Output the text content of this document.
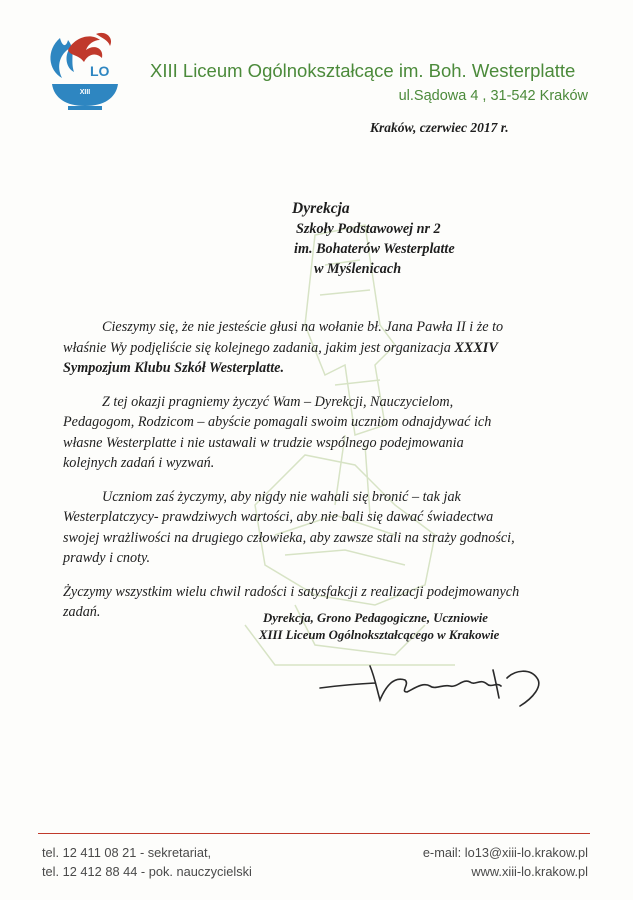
LO
XIII
XIII Liceum Ogólnokształcące im. Boh. Westerplatte
ul.Sądowa 4 , 31-542 Kraków
Kraków, czerwiec 2017 r.
Dyrekcja
Szkoły Podstawowej nr 2
im. Bohaterów Westerplatte
w Myślenicach

Cieszymy się, że nie jesteście głusi na wołanie bł. Jana Pawła II i że to
właśnie Wy podjęliście się kolejnego zadania, jakim jest organizacja XXXIV
Sympozjum Klubu Szkół Westerplatte.

Z tej okazji pragniemy życzyć Wam – Dyrekcji, Nauczycielom,
Pedagogom, Rodzicom – abyście pomagali swoim uczniom odnajdywać ich
własne Westerplatte i nie ustawali w trudzie wspólnego podejmowania
kolejnych zadań i wyzwań.

Uczniom zaś życzymy, aby nigdy nie wahali się bronić – tak jak
Westerplatczycy- prawdziwych wartości, aby nie bali się dawać świadectwa
swojej wrażliwości na drugiego człowieka, aby zawsze stali na straży godności,
prawdy i cnoty.

Życzymy wszystkim wielu chwil radości i satysfakcji z realizacji podejmowanych
zadań.	Dyrekcja, Grono Pedagogiczne, Uczniowie
XIII Liceum Ogólnokształcącego w Krakowie
tel. 12 411 08 21 - sekretariat,
tel. 12 412 88 44 - pok. nauczycielski
e-mail: lo13@xiii-lo.krakow.pl
www.xiii-lo.krakow.pl
